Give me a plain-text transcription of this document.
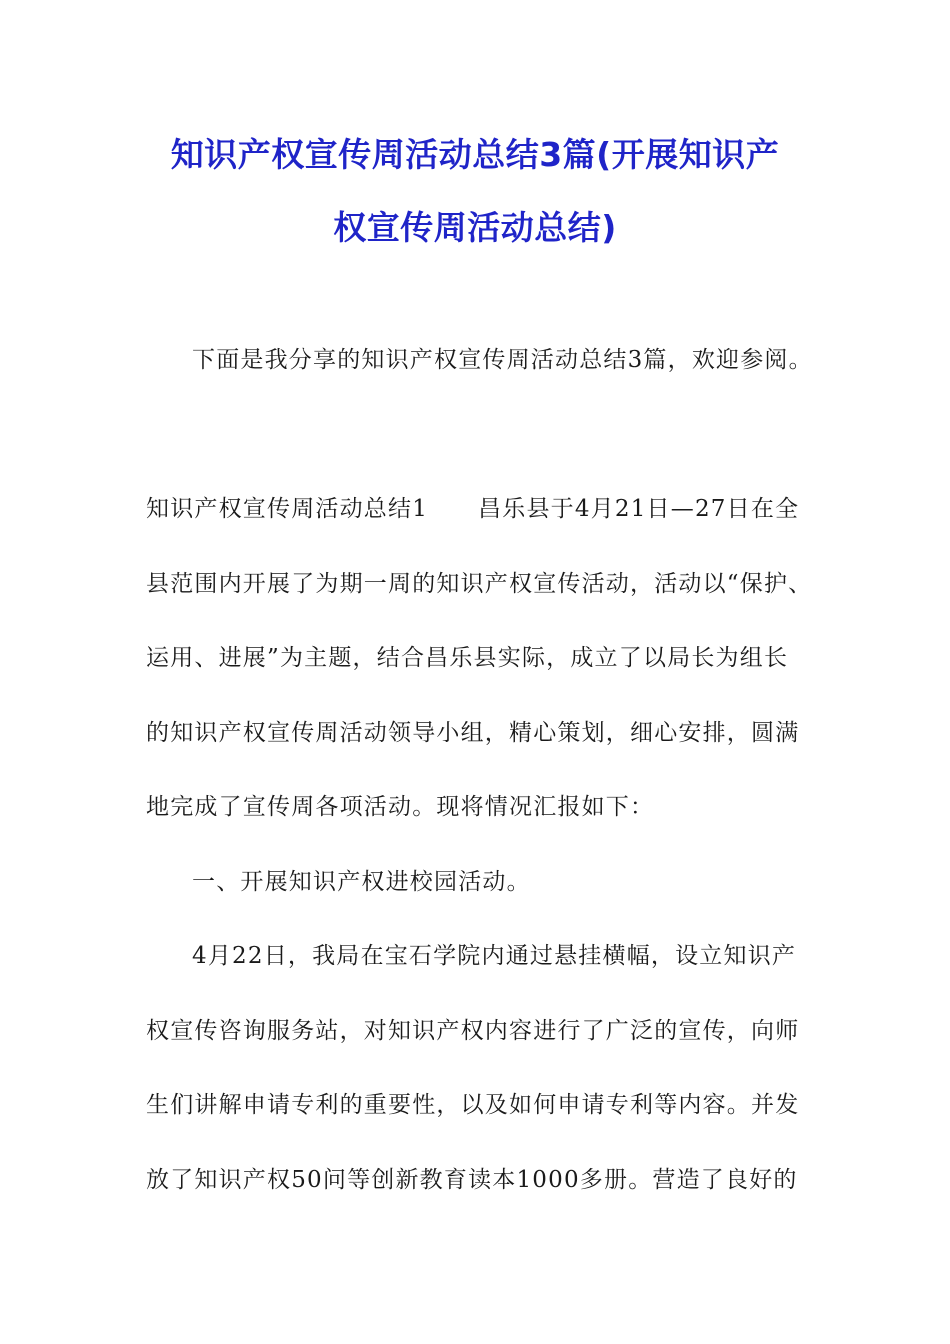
知识产权宣传周活动总结3篇(开展知识产
权宣传周活动总结)
下面是我分享的知识产权宣传周活动总结3篇，欢迎参阅。
知识产权宣传周活动总结1 昌乐县于4月21日—27日在全
县范围内开展了为期一周的知识产权宣传活动，活动以“保护、
运用、进展”为主题，结合昌乐县实际，成立了以局长为组长
的知识产权宣传周活动领导小组，精心策划，细心安排，圆满
地完成了宣传周各项活动。现将情况汇报如下：
一、开展知识产权进校园活动。
4月22日，我局在宝石学院内通过悬挂横幅，设立知识产
权宣传咨询服务站，对知识产权内容进行了广泛的宣传，向师
生们讲解申请专利的重要性，以及如何申请专利等内容。并发
放了知识产权50问等创新教育读本1000多册。营造了良好的
